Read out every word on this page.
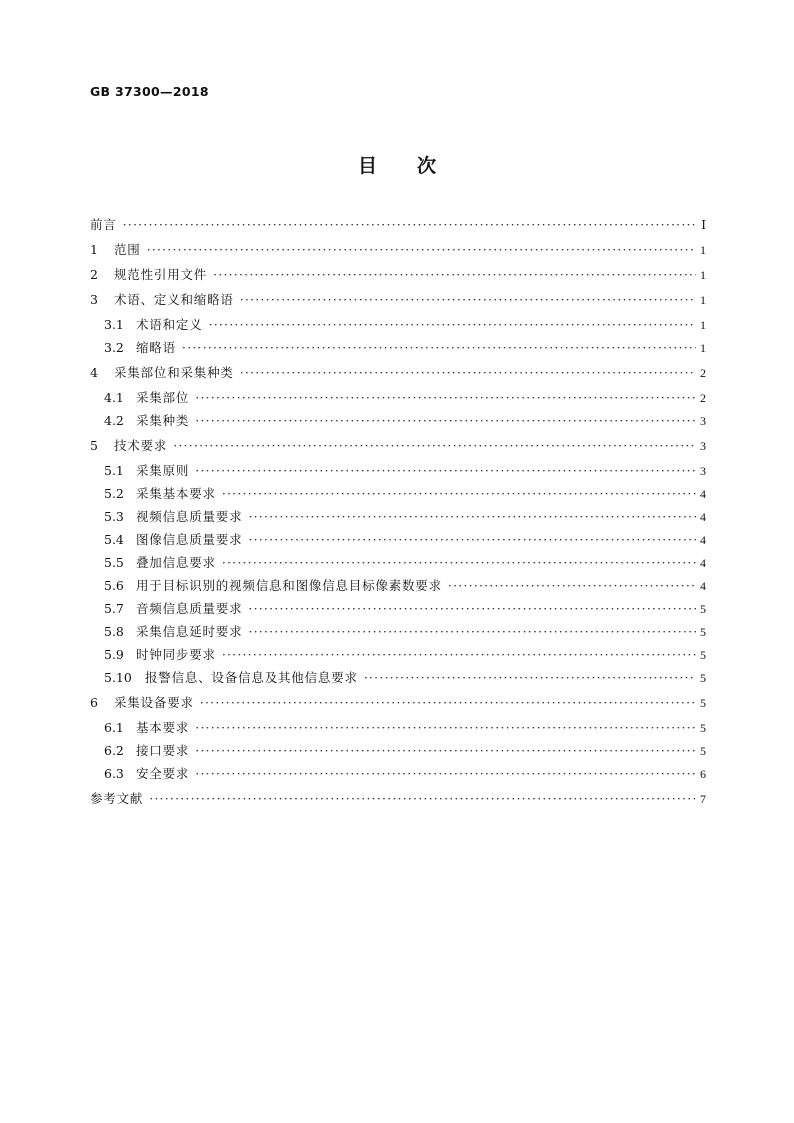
GB 37300—2018
目 次
前言 ·····	Ⅰ
1	范围 ·····	1
2	规范性引用文件 ·····	1
3	术语、定义和缩略语 ·····	1
3.1 术语和定义 ·····	1
3.2 缩略语 ·····	1
4	采集部位和采集种类 ·····	2
4.1 采集部位 ·····	2
4.2 采集种类 ·····	3
5	技术要求 ·····	3
5.1 采集原则 ·····	3
5.2 采集基本要求 ·····	4
5.3 视频信息质量要求 ·····	4
5.4 图像信息质量要求 ·····	4
5.5 叠加信息要求 ·····	4
5.6 用于目标识别的视频信息和图像信息目标像素数要求 ·····	4
5.7 音频信息质量要求 ·····	5
5.8 采集信息延时要求 ·····	5
5.9 时钟同步要求 ·····	5
5.10	报警信息、设备信息及其他信息要求 ·····	5
6	采集设备要求 ·····	5
6.1 基本要求 ·····	5
6.2 接口要求 ·····	5
6.3 安全要求 ·····	6
参考文献 ·····	7
